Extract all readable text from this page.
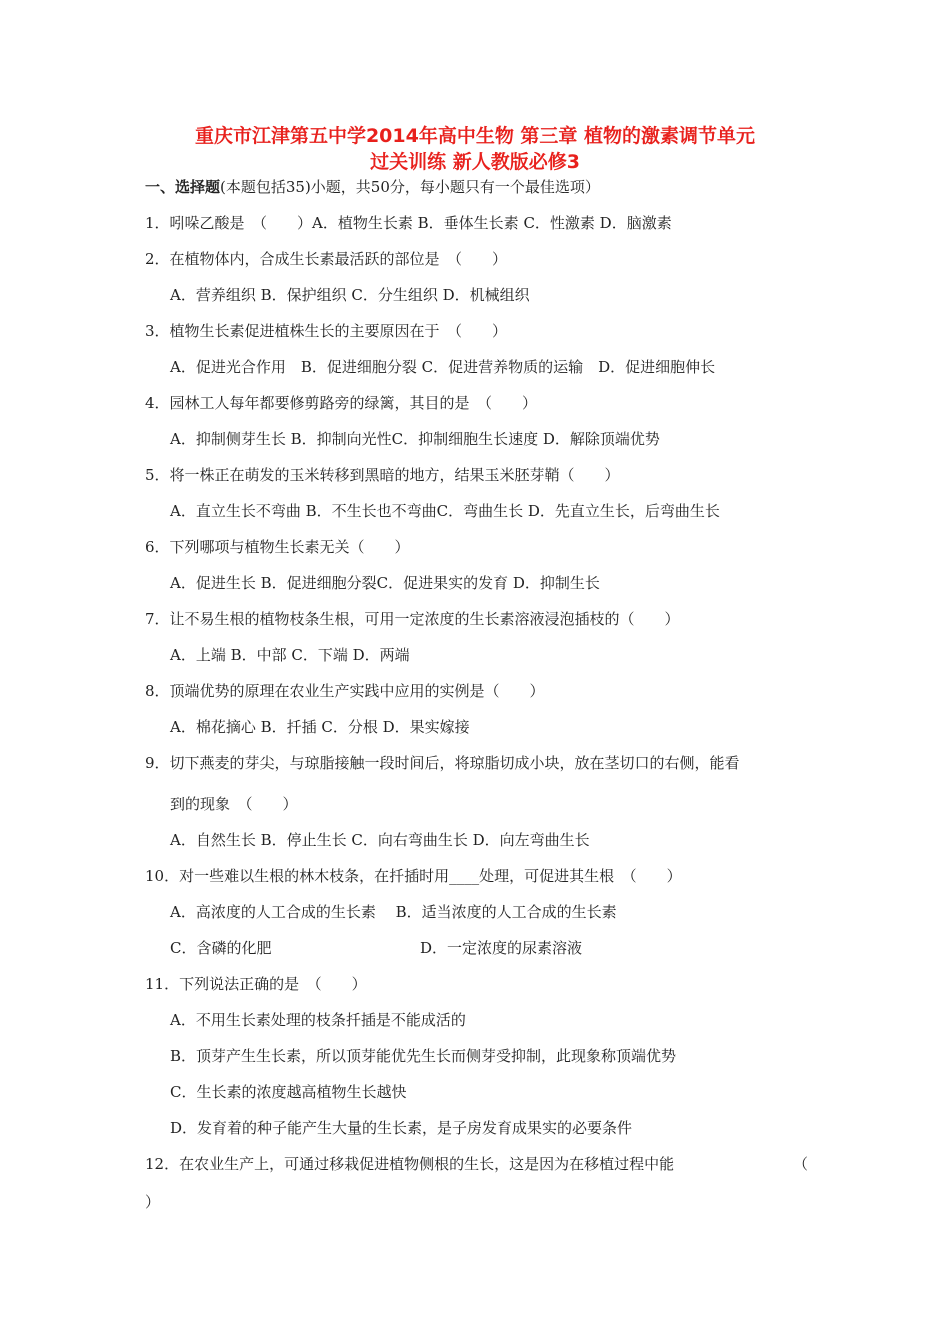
重庆市江津第五中学2014年高中生物 第三章 植物的激素调节单元
过关训练 新人教版必修3
一、选择题(本题包括35)小题，共50分，每小题只有一个最佳选项）
1．吲哚乙酸是　（　　）A．植物生长素 B．垂体生长素 C．性激素 D．脑激素
2．在植物体内，合成生长素最活跃的部位是　（　　）
A．营养组织 B．保护组织 C．分生组织 D．机械组织
3．植物生长素促进植株生长的主要原因在于　（　　）
A．促进光合作用　B．促进细胞分裂 C．促进营养物质的运输　D．促进细胞伸长
4．园林工人每年都要修剪路旁的绿篱，其目的是　（　　）
A．抑制侧芽生长 B．抑制向光性C．抑制细胞生长速度 D．解除顶端优势
5．将一株正在萌发的玉米转移到黑暗的地方，结果玉米胚芽鞘（　　）
A．直立生长不弯曲 B．不生长也不弯曲C．弯曲生长 D．先直立生长，后弯曲生长
6．下列哪项与植物生长素无关（　　）
A．促进生长 B．促进细胞分裂C．促进果实的发育 D．抑制生长
7．让不易生根的植物枝条生根，可用一定浓度的生长素溶液浸泡插枝的（　　）
A．上端 B．中部 C．下端 D．两端
8．顶端优势的原理在农业生产实践中应用的实例是（　　）
A．棉花摘心 B．扦插 C．分根 D．果实嫁接
9．切下燕麦的芽尖，与琼脂接触一段时间后，将琼脂切成小块，放在茎切口的右侧，能看
到的现象　（　　）
A．自然生长 B．停止生长 C．向右弯曲生长 D．向左弯曲生长
10．对一些难以生根的林木枝条，在扦插时用____处理，可促进其生根　（　　）
A．高浓度的人工合成的生长素　 B．适当浓度的人工合成的生长素
C．含磷的化肥	D．一定浓度的尿素溶液
11．下列说法正确的是　（　　）
A．不用生长素处理的枝条扦插是不能成活的
B．顶芽产生生长素，所以顶芽能优先生长而侧芽受抑制，此现象称顶端优势
C．生长素的浓度越高植物生长越快
D．发育着的种子能产生大量的生长素，是子房发育成果实的必要条件
12．在农业生产上，可通过移栽促进植物侧根的生长，这是因为在移植过程中能	（
）
